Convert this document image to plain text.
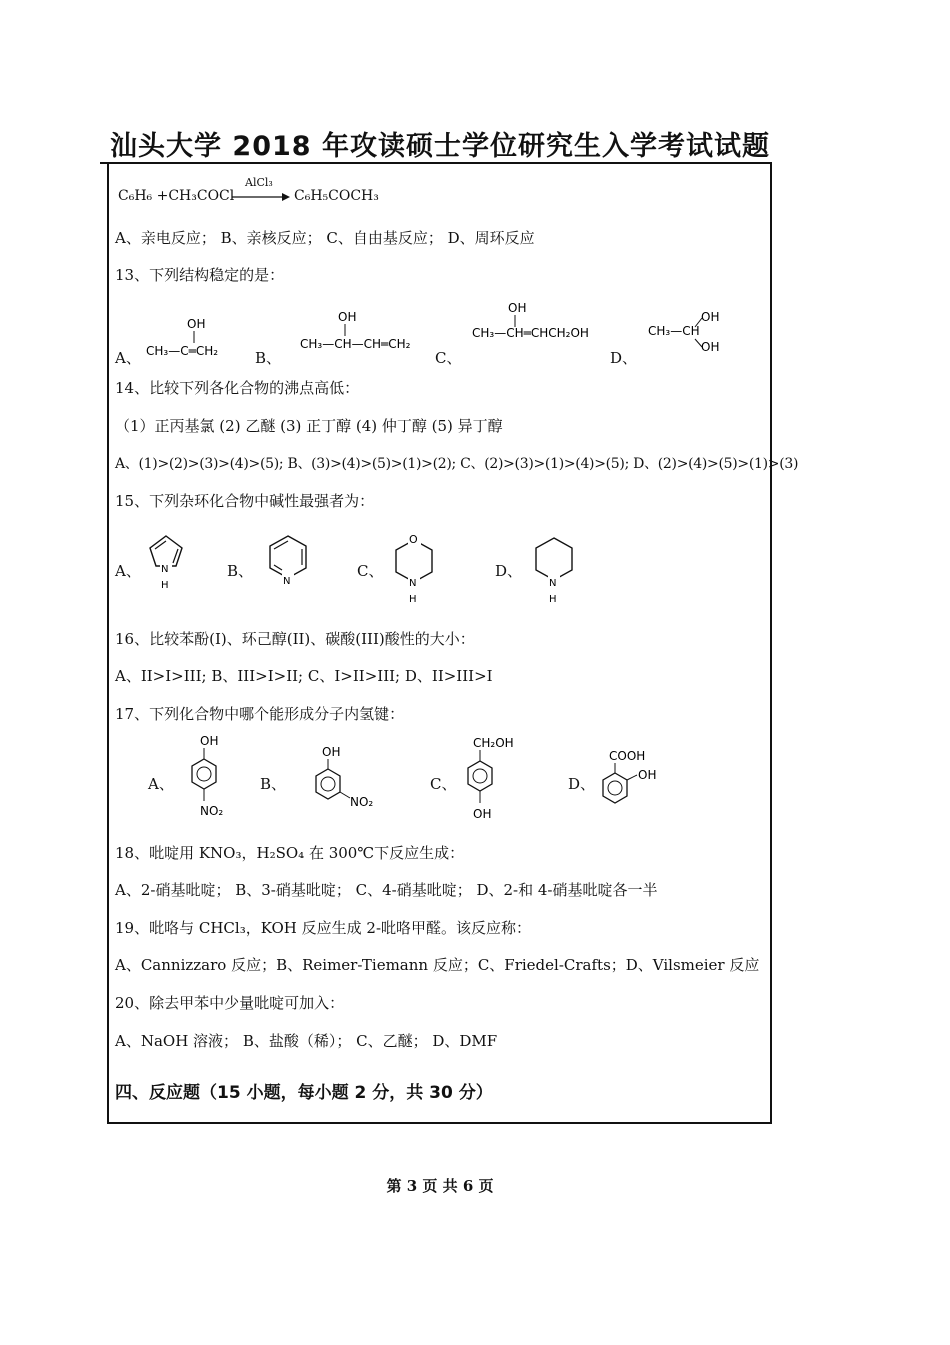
汕头大学 2018 年攻读硕士学位研究生入学考试试题
C₆H₆ +CH₃COCl
AlCl₃
→ C₆H₅COCH₃
A、亲电反应； B、亲核反应； C、自由基反应； D、周环反应
13、下列结构稳定的是：
A、
OH
CH₃—C═CH₂ B、
OH
CH₃—CH—CH═CH₂
C、
OH
CH₃—CH═CHCH₂OH
D、
OH
CH₃—CH
OH
14、比较下列各化合物的沸点高低：
（1）正丙基氯 (2) 乙醚 (3) 正丁醇 (4) 仲丁醇 (5) 异丁醇
A、(1)>(2)>(3)>(4)>(5); B、(3)>(4)>(5)>(1)>(2); C、(2)>(3)>(1)>(4)>(5); D、(2)>(4)>(5)>(1)>(3)
15、下列杂环化合物中碱性最强者为：
A、 N
H
B、
N
C、
O
N
H
D、
N
H
16、比较苯酚(I)、环己醇(II)、碳酸(III)酸性的大小：
A、II>I>III; B、III>I>II; C、I>II>III; D、II>III>I
17、下列化合物中哪个能形成分子内氢键：
A、
OH
NO₂
B、
OH
NO₂
C、
CH₂OH
OH
D、
COOH
OH
18、吡啶用 KNO₃，H₂SO₄ 在 300℃下反应生成：
A、2-硝基吡啶； B、3-硝基吡啶； C、4-硝基吡啶； D、2-和 4-硝基吡啶各一半
19、吡咯与 CHCl₃，KOH 反应生成 2-吡咯甲醛。该反应称：
A、Cannizzaro 反应；B、Reimer-Tiemann 反应；C、Friedel-Crafts；D、Vilsmeier 反应
20、除去甲苯中少量吡啶可加入：
A、NaOH 溶液； B、盐酸（稀）； C、乙醚； D、DMF
四、反应题（15 小题，每小题 2 分，共 30 分）
第 3 页 共 6 页
